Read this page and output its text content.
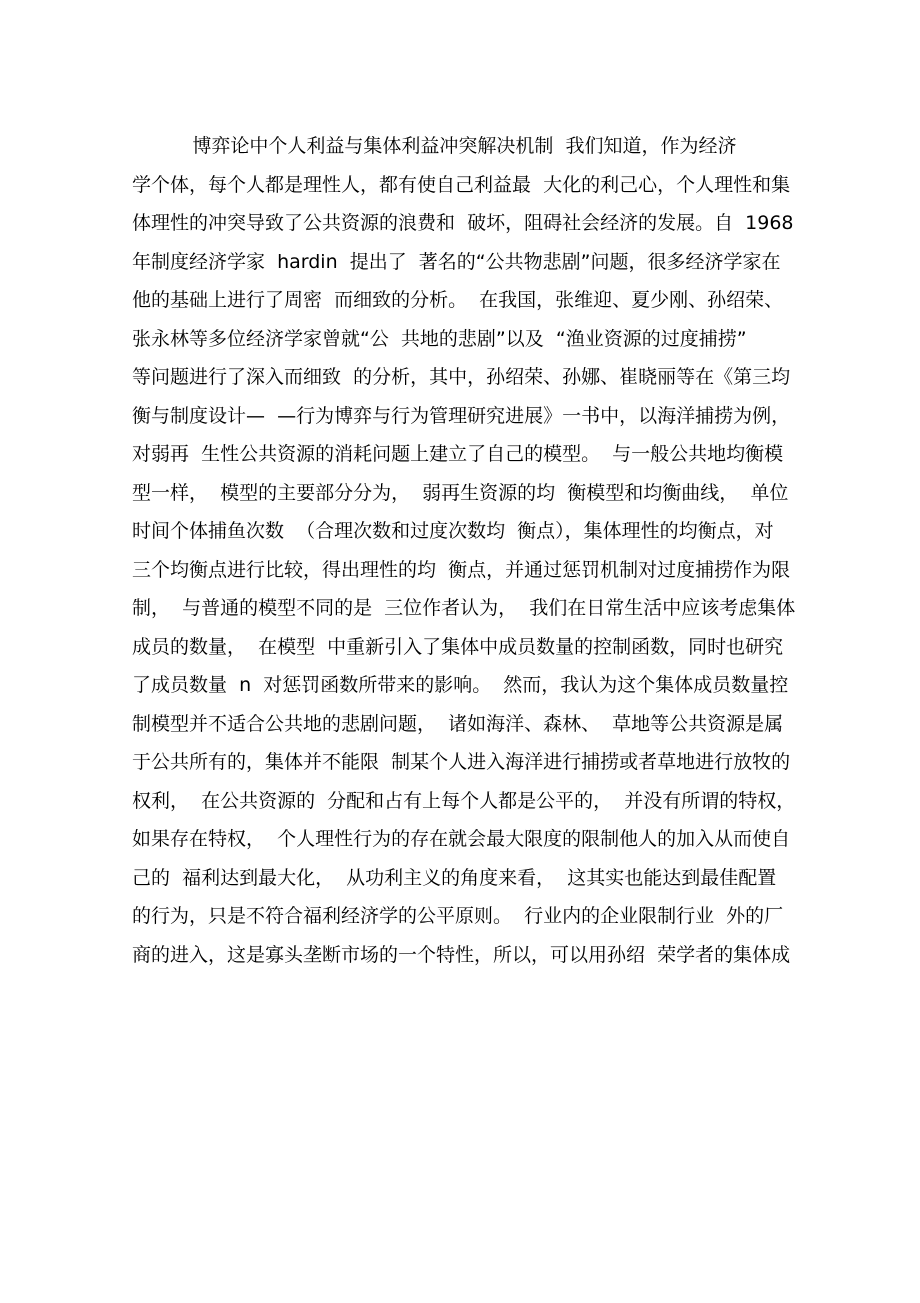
博弈论中个人利益与集体利益冲突解决机制  我们知道，作为经济
学个体，每个人都是理性人，都有使自己利益最  大化的利己心，个人理性和集
体理性的冲突导致了公共资源的浪费和  破坏，阻碍社会经济的发展。自  1968
年制度经济学家  hardin  提出了  著名的“公共物悲剧”问题，很多经济学家在
他的基础上进行了周密  而细致的分析。  在我国，张维迎、夏少刚、孙绍荣、
张永林等多位经济学家曾就“公  共地的悲剧”以及  “渔业资源的过度捕捞”
等问题进行了深入而细致  的分析，其中，孙绍荣、孙娜、崔晓丽等在《第三均
衡与制度设计—  —行为博弈与行为管理研究进展》一书中，以海洋捕捞为例，
对弱再  生性公共资源的消耗问题上建立了自己的模型。  与一般公共地均衡模
型一样，  模型的主要部分分为，  弱再生资源的均  衡模型和均衡曲线，  单位
时间个体捕鱼次数  （合理次数和过度次数均  衡点），集体理性的均衡点，对
三个均衡点进行比较，得出理性的均  衡点，并通过惩罚机制对过度捕捞作为限
制，  与普通的模型不同的是  三位作者认为，  我们在日常生活中应该考虑集体
成员的数量，  在模型  中重新引入了集体中成员数量的控制函数，同时也研究
了成员数量  n  对惩罚函数所带来的影响。  然而，我认为这个集体成员数量控
制模型并不适合公共地的悲剧问题，  诸如海洋、森林、  草地等公共资源是属
于公共所有的，集体并不能限  制某个人进入海洋进行捕捞或者草地进行放牧的
权利，  在公共资源的  分配和占有上每个人都是公平的，  并没有所谓的特权，
如果存在特权，  个人理性行为的存在就会最大限度的限制他人的加入从而使自
己的  福利达到最大化，  从功利主义的角度来看，  这其实也能达到最佳配置
的行为，只是不符合福利经济学的公平原则。  行业内的企业限制行业  外的厂
商的进入，这是寡头垄断市场的一个特性，所以，可以用孙绍  荣学者的集体成
